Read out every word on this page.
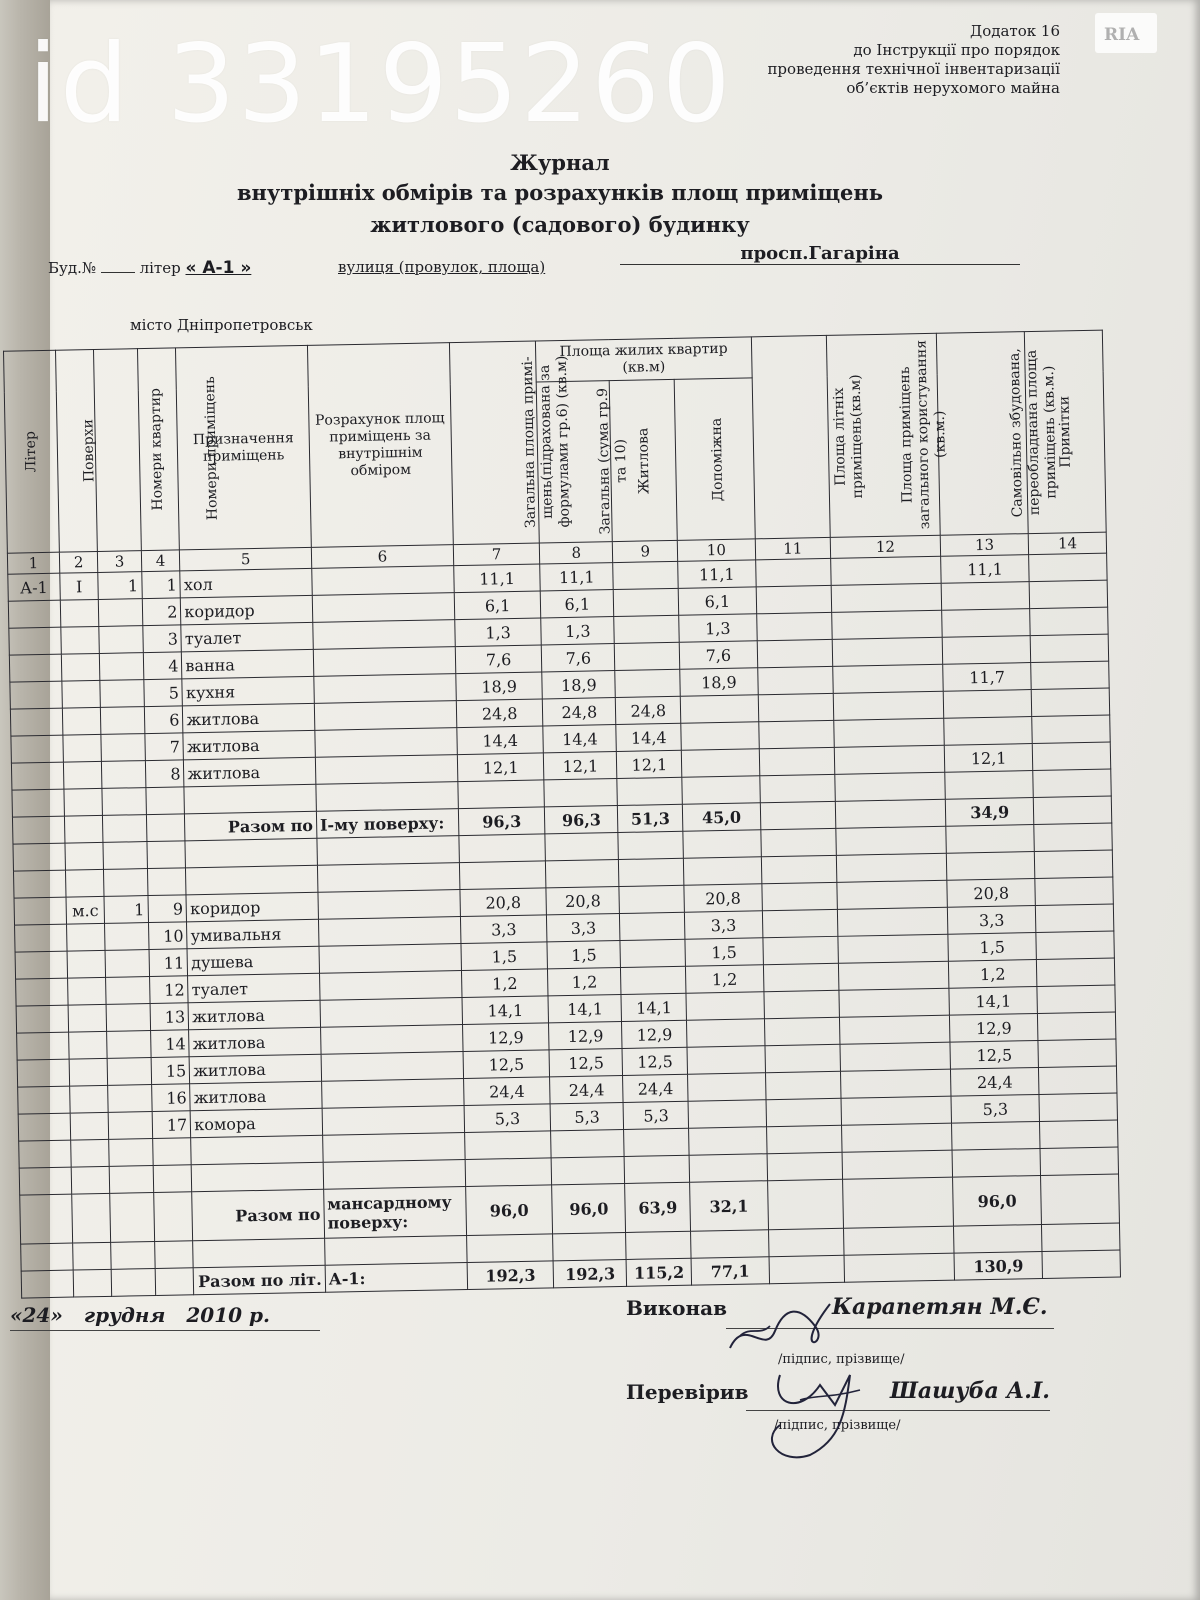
id 33195260	RIA
Додаток 16
до Інструкції про порядок
проведення технічної інвентаризації
об’єктів нерухомого майна
Журнал
внутрішніх обмірів та розрахунків площ приміщень
житлового (садового) будинку
Буд.№	літер « А-1 »	вулиця (провулок, площа)
просп.Гагаріна
місто Дніпропетровськ
Літер	Поверхи	Номери квартир	Номери приміщень	Призначення приміщень	Розрахунок площ приміщень за внутрішнім обміром	Загальна площа примі-щень(підрахована за формулами гр.6) (кв.м)	Площа жилих квартир (кв.м)			Площа літніх приміщень(кв.м)	Площа приміщень загального користування (кв.м.)	Самовільно збудована, переобладнана площа приміщень (кв.м.)	Примітки
							Загальна (сума гр.9 та 10)	Житлова	Допоміжна				
1	2	3	4	5	6	7	8	9	10	11	12	13	14
А-1	I	1	1	хол		11,1	11,1		11,1			11,1	
			2	коридор		6,1	6,1		6,1				
			3	туалет		1,3	1,3		1,3				
			4	ванна		7,6	7,6		7,6				
			5	кухня		18,9	18,9		18,9			11,7	
			6	житлова		24,8	24,8	24,8					
			7	житлова		14,4	14,4	14,4					
			8	житлова		12,1	12,1	12,1				12,1	

				Разом по	I-му поверху:	96,3	96,3	51,3	45,0			34,9	

	м.с	1	9	коридор		20,8	20,8		20,8			20,8	
			10	умивальня		3,3	3,3		3,3			3,3	
			11	душева		1,5	1,5		1,5			1,5	
			12	туалет		1,2	1,2		1,2			1,2	
			13	житлова		14,1	14,1	14,1				14,1	
			14	житлова		12,9	12,9	12,9				12,9	
			15	житлова		12,5	12,5	12,5				12,5	
			16	житлова		24,4	24,4	24,4				24,4	
			17	комора		5,3	5,3	5,3				5,3	

				Разом по	мансардному поверху:	96,0	96,0	63,9	32,1			96,0	

				Разом по літ.	А-1:	192,3	192,3	115,2	77,1			130,9	
«24» грудня 2010 р.	Виконав	Карапетян М.Є.
/підпис, прізвище/
Перевірив	Шашуба А.І.
/підпис, прізвище/
